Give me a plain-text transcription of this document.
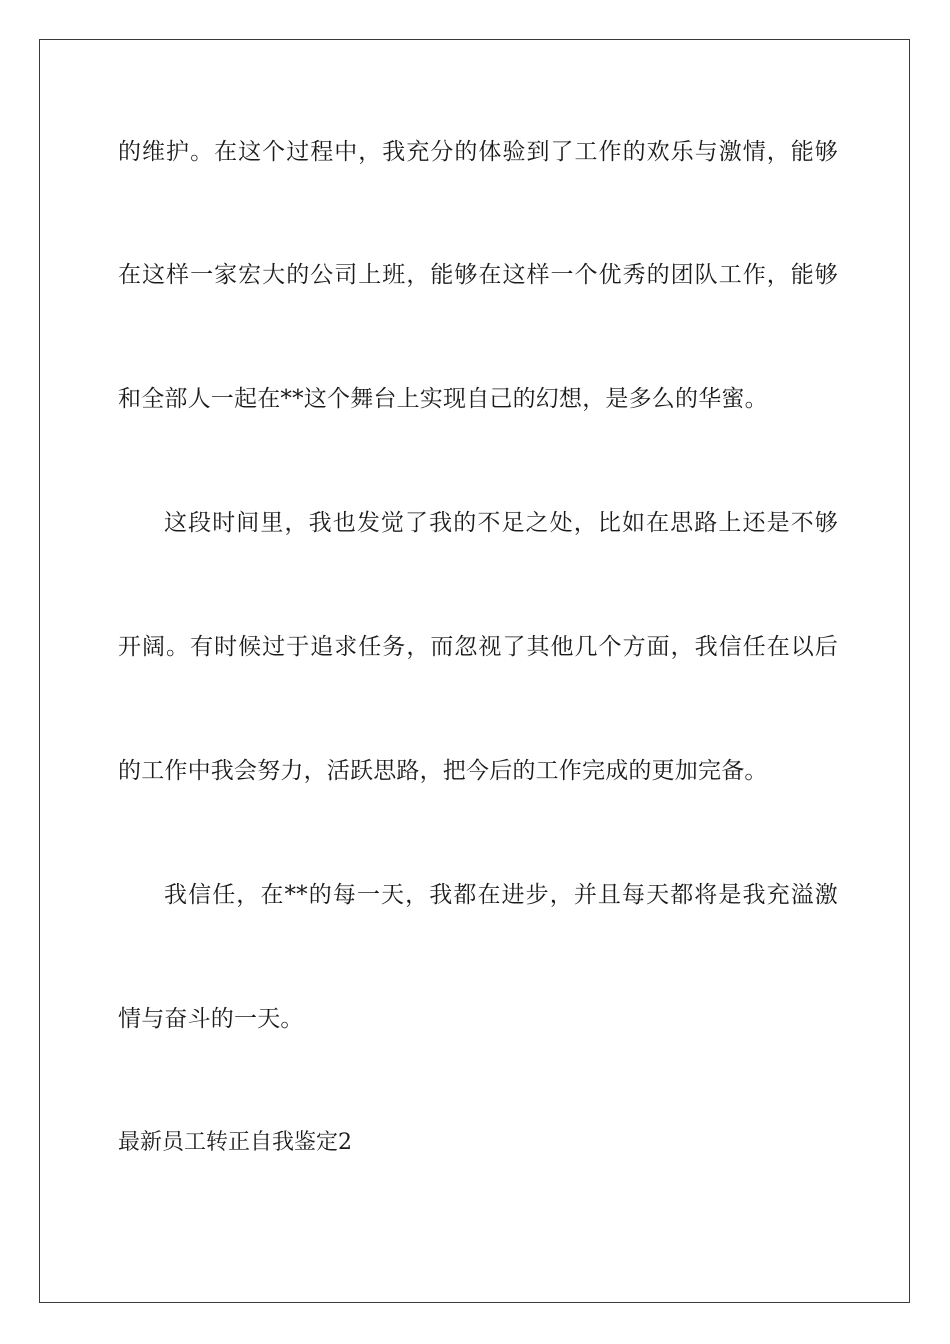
的维护。在这个过程中，我充分的体验到了工作的欢乐与激情，能够
在这样一家宏大的公司上班，能够在这样一个优秀的团队工作，能够
和全部人一起在**这个舞台上实现自己的幻想，是多么的华蜜。
这段时间里，我也发觉了我的不足之处，比如在思路上还是不够
开阔。有时候过于追求任务，而忽视了其他几个方面，我信任在以后
的工作中我会努力，活跃思路，把今后的工作完成的更加完备。
我信任，在**的每一天，我都在进步，并且每天都将是我充溢激
情与奋斗的一天。
最新员工转正自我鉴定2
